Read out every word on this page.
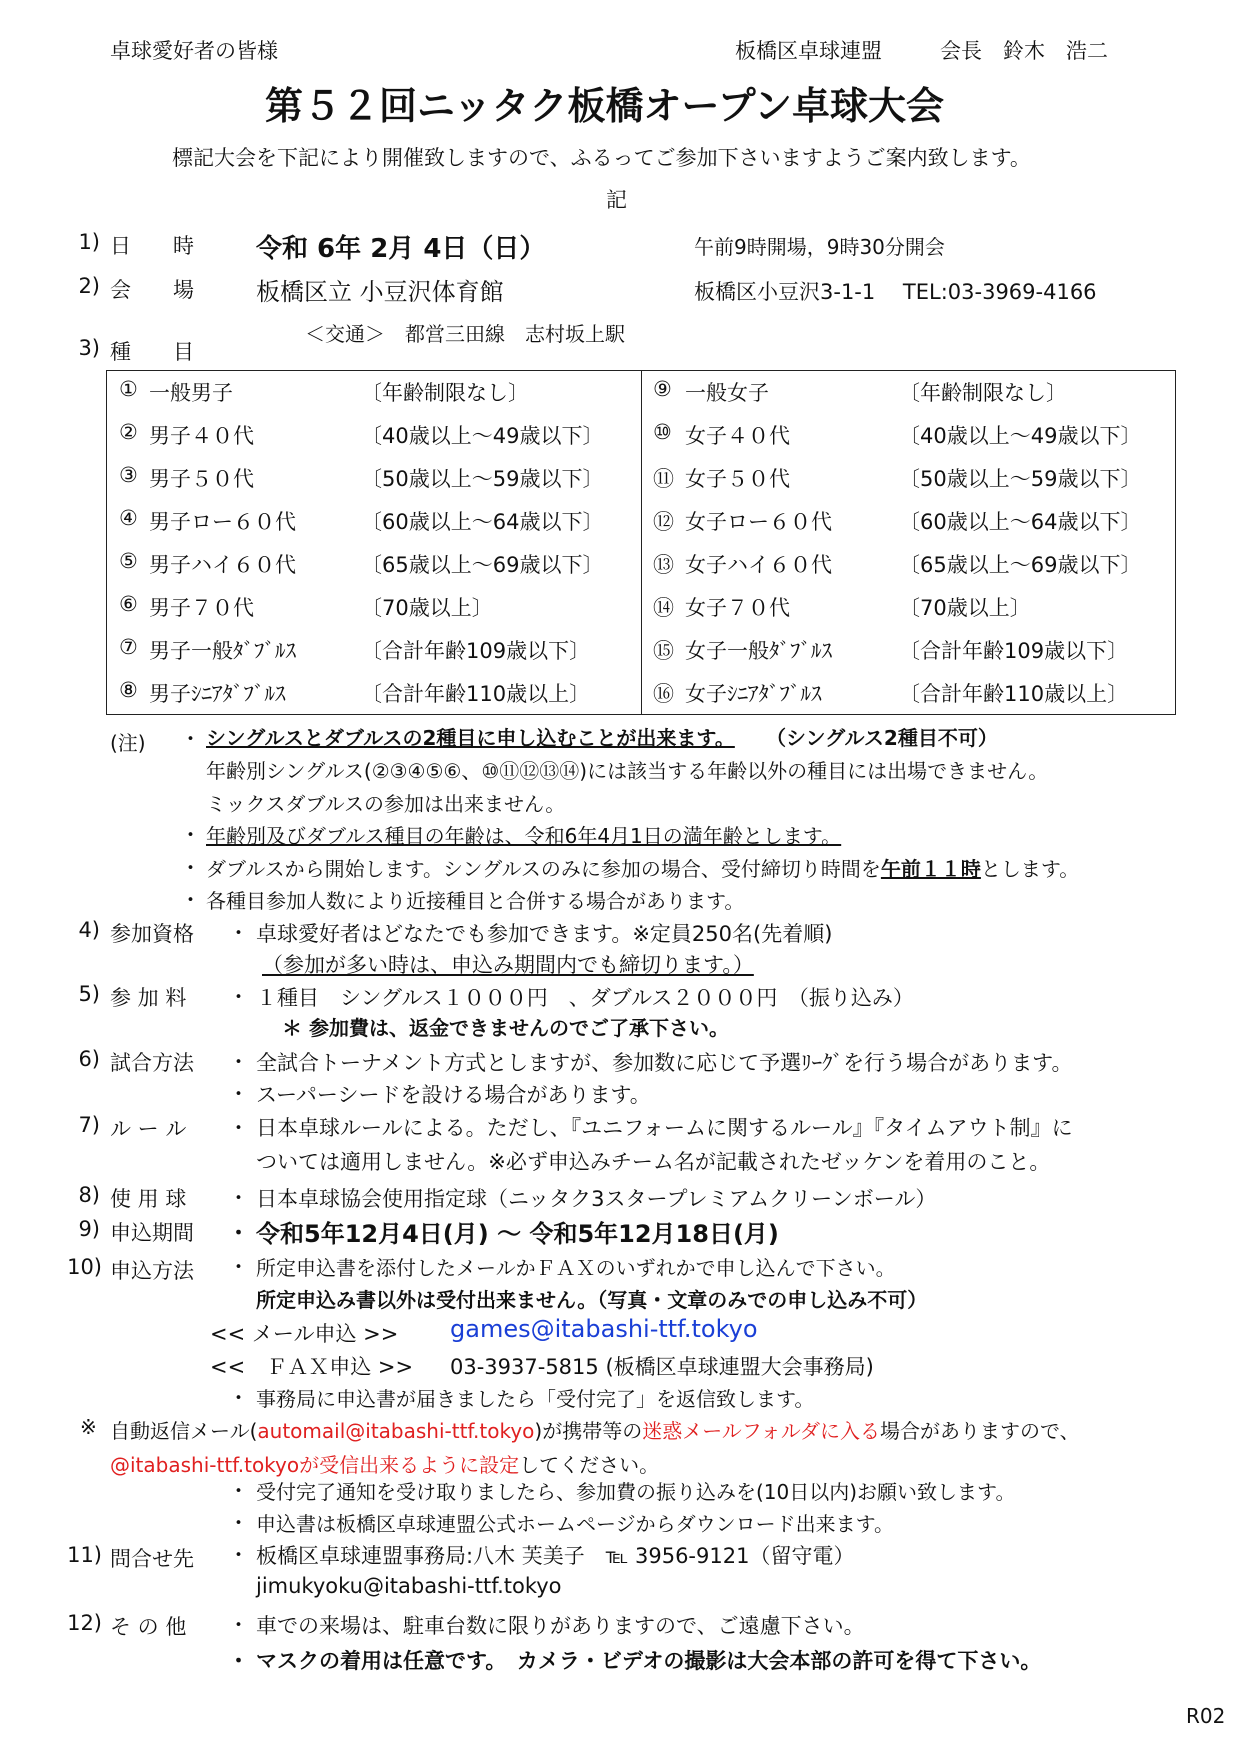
卓球愛好者の皆様	板橋区卓球連盟	会長　鈴木　浩二
第５２回ニッタク板橋オープン卓球大会
標記大会を下記により開催致しますので、ふるってご参加下さいますようご案内致します。
記
1) 日　　時 令和 6年 2月 4日（日）	午前9時開場，9時30分開会
2) 会　　場	板橋区立 小豆沢体育館	板橋区小豆沢3-1-1　 TEL:03-3969-4166
＜交通＞　都営三田線　志村坂上駅
3) 種　　目
① 一般男子	〔年齢制限なし〕
② 男子４０代	〔40歳以上～49歳以下〕
③ 男子５０代	〔50歳以上～59歳以下〕
④ 男子ロー６０代	〔60歳以上～64歳以下〕
⑤ 男子ハイ６０代	〔65歳以上～69歳以下〕
⑥ 男子７０代	〔70歳以上〕
⑦ 男子一般ﾀﾞﾌﾞﾙｽ	〔合計年齢109歳以下〕
⑧ 男子ｼﾆｱﾀﾞﾌﾞﾙｽ	〔合計年齢110歳以上〕
⑨ 一般女子	〔年齢制限なし〕
⑩ 女子４０代	〔40歳以上～49歳以下〕
⑪ 女子５０代	〔50歳以上～59歳以下〕
⑫ 女子ロー６０代	〔60歳以上～64歳以下〕
⑬ 女子ハイ６０代	〔65歳以上～69歳以下〕
⑭ 女子７０代	〔70歳以上〕
⑮ 女子一般ﾀﾞﾌﾞﾙｽ	〔合計年齢109歳以下〕
⑯ 女子ｼﾆｱﾀﾞﾌﾞﾙｽ	〔合計年齢110歳以上〕
(注) ・ シングルスとダブルスの2種目に申し込むことが出来ます。 （シングルス2種目不可）
年齢別シングルス(②③④⑤⑥、⑩⑪⑫⑬⑭)には該当する年齢以外の種目には出場できません。
ミックスダブルスの参加は出来ません。
・ 年齢別及びダブルス種目の年齢は、令和6年4月1日の満年齢とします。
・ ダブルスから開始します。シングルスのみに参加の場合、受付締切り時間を午前１１時とします。
・ 各種目参加人数により近接種目と合併する場合があります。
4) 参加資格 ・ 卓球愛好者はどなたでも参加できます。※定員250名(先着順)
（参加が多い時は、申込み期間内でも締切ります。）
5) 参 加 料 ・ １種目　シングルス１０００円　、ダブルス２０００円　（振り込み）
＊ 参加費は、返金できませんのでご了承下さい。
6) 試合方法 ・ 全試合トーナメント方式としますが、参加数に応じて予選ﾘｰｸﾞを行う場合があります。
・ スーパーシードを設ける場合があります。
7) ル ー ル ・ 日本卓球ルールによる。ただし、『ユニフォームに関するルール』『タイムアウト制』に
ついては適用しません。※必ず申込みチーム名が記載されたゼッケンを着用のこと。
8) 使 用 球 ・ 日本卓球協会使用指定球（ニッタク3スタープレミアムクリーンボール）
9) 申込期間 ・ 令和5年12月4日(月) ～ 令和5年12月18日(月)
10) 申込方法 ・ 所定申込書を添付したメールかＦＡＸのいずれかで申し込んで下さい。
所定申込み書以外は受付出来ません。（写真・文章のみでの申し込み不可）
<< メール申込 >> games@itabashi-ttf.tokyo
<<　ＦＡＸ申込 >> 03-3937-5815 (板橋区卓球連盟大会事務局)
・ 事務局に申込書が届きましたら「受付完了」を返信致します。
※ 自動返信メール(automail@itabashi-ttf.tokyo)が携帯等の迷惑メールフォルダに入る場合がありますので、
@itabashi-ttf.tokyoが受信出来るように設定してください。
・ 受付完了通知を受け取りましたら、参加費の振り込みを(10日以内)お願い致します。
・ 申込書は板橋区卓球連盟公式ホームページからダウンロード出来ます。
11) 問合せ先 ・ 板橋区卓球連盟事務局:八木 芙美子　℡ 3956-9121（留守電）
jimukyoku@itabashi-ttf.tokyo
12) そ の 他 ・ 車での来場は、駐車台数に限りがありますので、ご遠慮下さい。
・ マスクの着用は任意です。　カメラ・ビデオの撮影は大会本部の許可を得て下さい。
R02
